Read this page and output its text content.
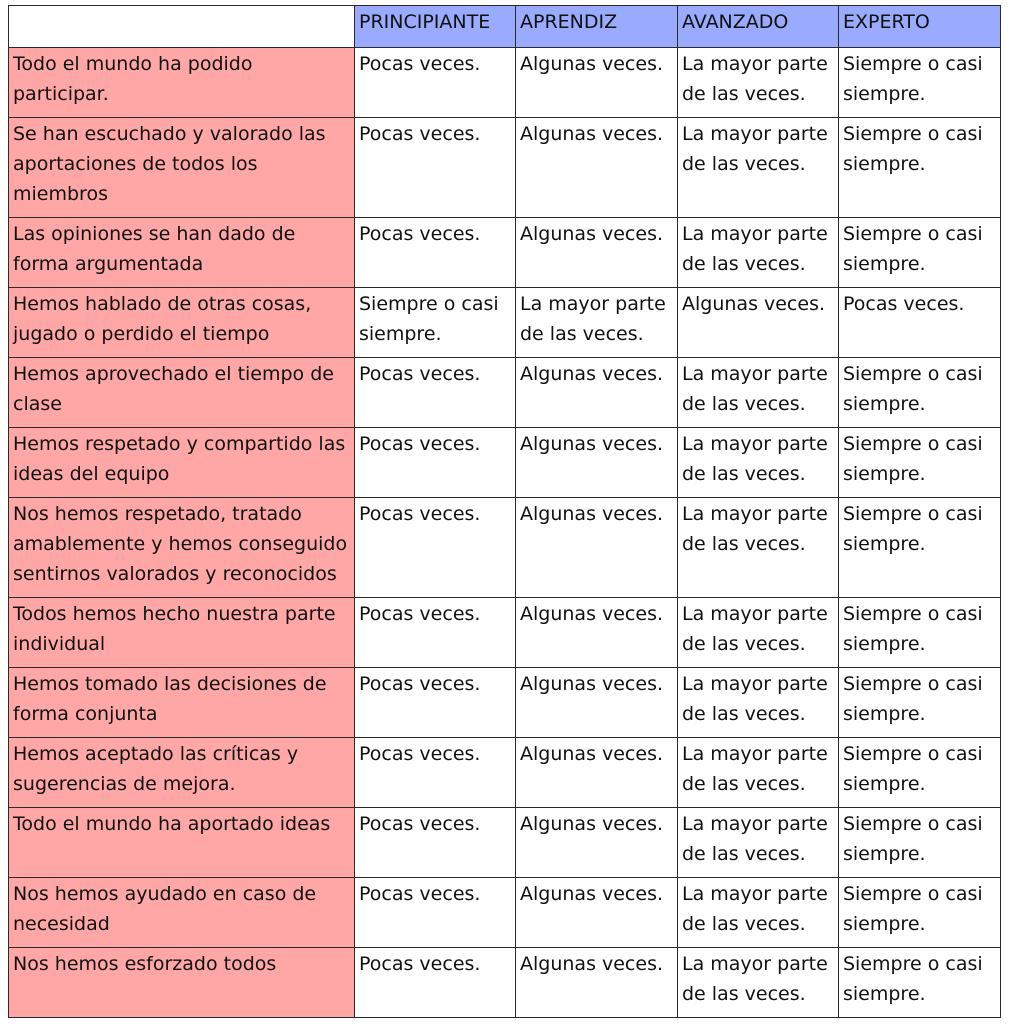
	PRINCIPIANTE	APRENDIZ	AVANZADO	EXPERTO
Todo el mundo ha podido participar.	Pocas veces.	Algunas veces.	La mayor parte de las veces.	Siempre o casi siempre.
Se han escuchado y valorado las aportaciones de todos los miembros	Pocas veces.	Algunas veces.	La mayor parte de las veces.	Siempre o casi siempre.
Las opiniones se han dado de forma argumentada	Pocas veces.	Algunas veces.	La mayor parte de las veces.	Siempre o casi siempre.
Hemos hablado de otras cosas, jugado o perdido el tiempo	Siempre o casi siempre.	La mayor parte de las veces.	Algunas veces.	Pocas veces.
Hemos aprovechado el tiempo de clase	Pocas veces.	Algunas veces.	La mayor parte de las veces.	Siempre o casi siempre.
Hemos respetado y compartido las ideas del equipo	Pocas veces.	Algunas veces.	La mayor parte de las veces.	Siempre o casi siempre.
Nos hemos respetado, tratado amablemente y hemos conseguido sentirnos valorados y reconocidos	Pocas veces.	Algunas veces.	La mayor parte de las veces.	Siempre o casi siempre.
Todos hemos hecho nuestra parte individual	Pocas veces.	Algunas veces.	La mayor parte de las veces.	Siempre o casi siempre.
Hemos tomado las decisiones de forma conjunta	Pocas veces.	Algunas veces.	La mayor parte de las veces.	Siempre o casi siempre.
Hemos aceptado las críticas y sugerencias de mejora.	Pocas veces.	Algunas veces.	La mayor parte de las veces.	Siempre o casi siempre.
Todo el mundo ha aportado ideas	Pocas veces.	Algunas veces.	La mayor parte de las veces.	Siempre o casi siempre.
Nos hemos ayudado en caso de necesidad	Pocas veces.	Algunas veces.	La mayor parte de las veces.	Siempre o casi siempre.
Nos hemos esforzado todos	Pocas veces.	Algunas veces.	La mayor parte de las veces.	Siempre o casi siempre.
